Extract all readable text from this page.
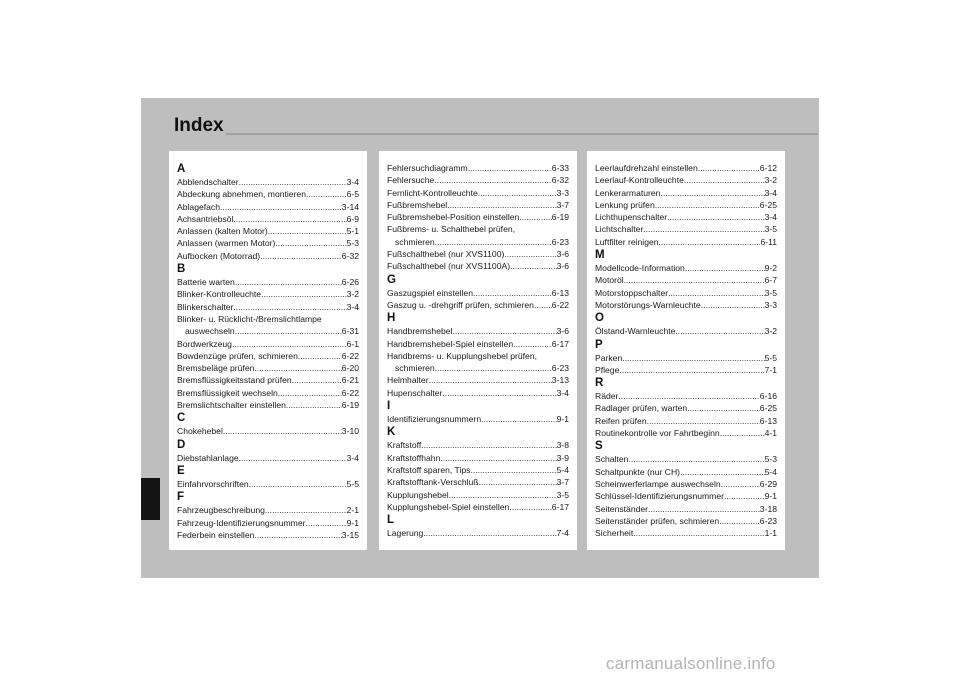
Index
A
Abblendschalter .....	3-4
Abdeckung abnehmen, montieren .....	6-5
Ablagefach .....	3-14
Achsantriebsöl .....	6-9
Anlassen (kalten Motor) .....	5-1
Anlassen (warmen Motor) .....	5-3
Aufbocken (Motorrad) .....	6-32
B
Batterie warten .....	6-26
Blinker-Kontrolleuchte .....	3-2
Blinkerschalter .....	3-4
Blinker- u. Rücklicht-/Bremslichtlampe
auswechseln .....	6-31
Bordwerkzeug .....	6-1
Bowdenzüge prüfen, schmieren .....	6-22
Bremsbeläge prüfen .....	6-20
Bremsflüssigkeitsstand prüfen .....	6-21
Bremsflüssigkeit wechseln .....	6-22
Bremslichtschalter einstellen .....	6-19
C
Chokehebel .....	3-10
D
Diebstahlanlage .....	3-4
E
Einfahrvorschriften .....	5-5
F
Fahrzeugbeschreibung .....	2-1
Fahrzeug-Identifizierungsnummer .....	9-1
Federbein einstellen .....	3-15
Fehlersuchdiagramm .....	6-33
Fehlersuche .....	6-32
Fernlicht-Kontrolleuchte .....	3-3
Fußbremshebel .....	3-7
Fußbremshebel-Position einstellen .....	6-19
Fußbrems- u. Schalthebel prüfen,
schmieren .....	6-23
Fußschalthebel (nur XVS1100) .....	3-6
Fußschalthebel (nur XVS1100A) .....	3-6
G
Gaszugspiel einstellen .....	6-13
Gaszug u. -drehgriff prüfen, schmieren ..... 6-22
H
Handbremshebel .....	3-6
Handbremshebel-Spiel einstellen .....	6-17
Handbrems- u. Kupplungshebel prüfen,
schmieren .....	6-23
Helmhalter .....	3-13
Hupenschalter .....	3-4
I
Identifizierungsnummern .....	9-1
K
Kraftstoff .....	3-8
Kraftstoffhahn .....	3-9
Kraftstoff sparen, Tips .....	5-4
Kraftstofftank-Verschluß .....	3-7
Kupplungshebel .....	3-5
Kupplungshebel-Spiel einstellen .....	6-17
L
Lagerung .....	7-4
Leerlaufdrehzahl einstellen .....	6-12
Leerlauf-Kontrolleuchte .....	3-2
Lenkerarmaturen .....	3-4
Lenkung prüfen .....	6-25
Lichthupenschalter .....	3-4
Lichtschalter .....	3-5
Luftfilter reinigen .....	6-11
M
Modellcode-Information .....	9-2
Motoröl .....	6-7
Motorstoppschalter .....	3-5
Motorstörungs-Warnleuchte .....	3-3
O
Ölstand-Warnleuchte .....	3-2
P
Parken .....	5-5
Pflege .....	7-1
R
Räder .....	6-16
Radlager prüfen, warten .....	6-25
Reifen prüfen .....	6-13
Routinekontrolle vor Fahrtbeginn .....	4-1
S
Schalten .....	5-3
Schaltpunkte (nur CH) .....	5-4
Scheinwerferlampe auswechseln .....	6-29
Schlüssel-Identifizierungsnummer .....	9-1
Seitenständer .....	3-18
Seitenständer prüfen, schmieren .....	6-23
Sicherheit .....	1-1
carmanualsonline.info
